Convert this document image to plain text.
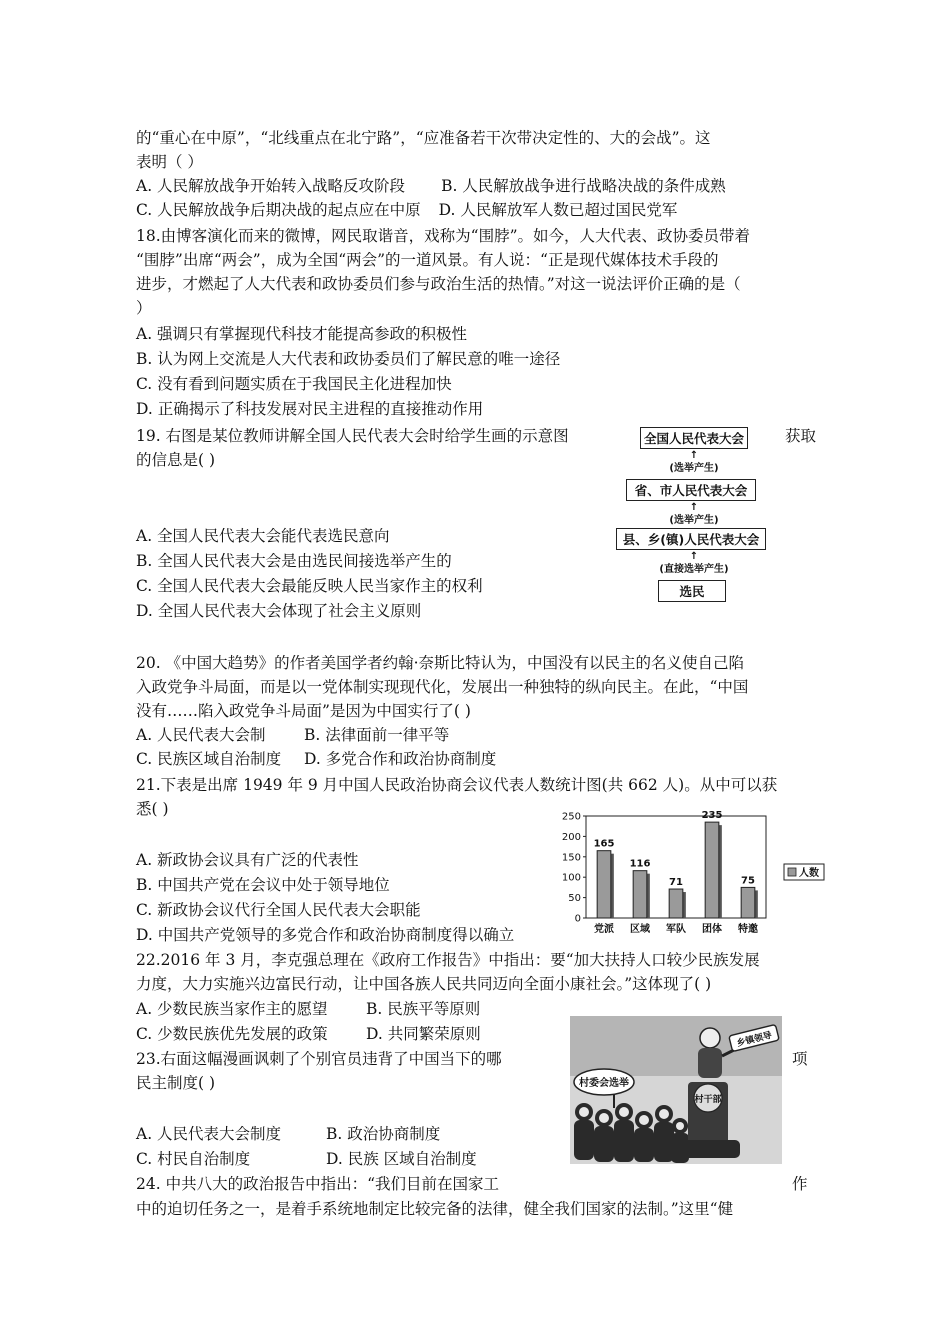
的“重心在中原”，“北线重点在北宁路”，“应准备若干次带决定性的、大的会战”。这
表明（ ）
A. 人民解放战争开始转入战略反攻阶段 B. 人民解放战争进行战略决战的条件成熟
C. 人民解放战争后期决战的起点应在中原 D. 人民解放军人数已超过国民党军
18.由博客演化而来的微博，网民取谐音，戏称为“围脖”。如今，人大代表、政协委员带着
“围脖”出席“两会”，成为全国“两会”的一道风景。有人说：“正是现代媒体技术手段的
进步，才燃起了人大代表和政协委员们参与政治生活的热情。”对这一说法评价正确的是（
）
A. 强调只有掌握现代科技才能提高参政的积极性
B. 认为网上交流是人大代表和政协委员们了解民意的唯一途径
C. 没有看到问题实质在于我国民主化进程加快
D. 正确揭示了科技发展对民主进程的直接推动作用
19. 右图是某位教师讲解全国人民代表大会时给学生画的示意图	获取
的信息是( )
A. 全国人民代表大会能代表选民意向
B. 全国人民代表大会是由选民间接选举产生的
C. 全国人民代表大会最能反映人民当家作主的权利
D. 全国人民代表大会体现了社会主义原则
全国人民代表大会
↑
(选举产生)
省、市人民代表大会
↑
(选举产生)
县、乡(镇)人民代表大会
↑
(直接选举产生)
选民
20. 《中国大趋势》的作者美国学者约翰·奈斯比特认为，中国没有以民主的名义使自己陷
入政党争斗局面，而是以一党体制实现现代化，发展出一种独特的纵向民主。在此，“中国
没有……陷入政党争斗局面”是因为中国实行了( )
A. 人民代表大会制 B. 法律面前一律平等
C. 民族区域自治制度 D. 多党合作和政治协商制度
21.下表是出席 1949 年 9 月中国人民政治协商会议代表人数统计图(共 662 人)。从中可以获
悉( )
A. 新政协会议具有广泛的代表性
B. 中国共产党在会议中处于领导地位
C. 新政协会议代行全国人民代表大会职能
D. 中国共产党领导的多党合作和政治协商制度得以确立
0
50
100
150
200
250
165
党派
116
区域
71
军队
235
团体
75
特邀
人数
22.2016 年 3 月，李克强总理在《政府工作报告》中指出：要“加大扶持人口较少民族发展
力度，大力实施兴边富民行动，让中国各族人民共同迈向全面小康社会。”这体现了( )
A. 少数民族当家作主的愿望 B. 民族平等原则
C. 少数民族优先发展的政策 D. 共同繁荣原则
23.右面这幅漫画讽刺了个别官员违背了中国当下的哪	项
民主制度( )
A. 人民代表大会制度	B. 政治协商制度
C. 村民自治制度	D. 民族 区域自治制度
村委会选举
村干部
乡镇领导
24. 中共八大的政治报告中指出：“我们目前在国家工	作
中的迫切任务之一，是着手系统地制定比较完备的法律，健全我们国家的法制。”这里“健
